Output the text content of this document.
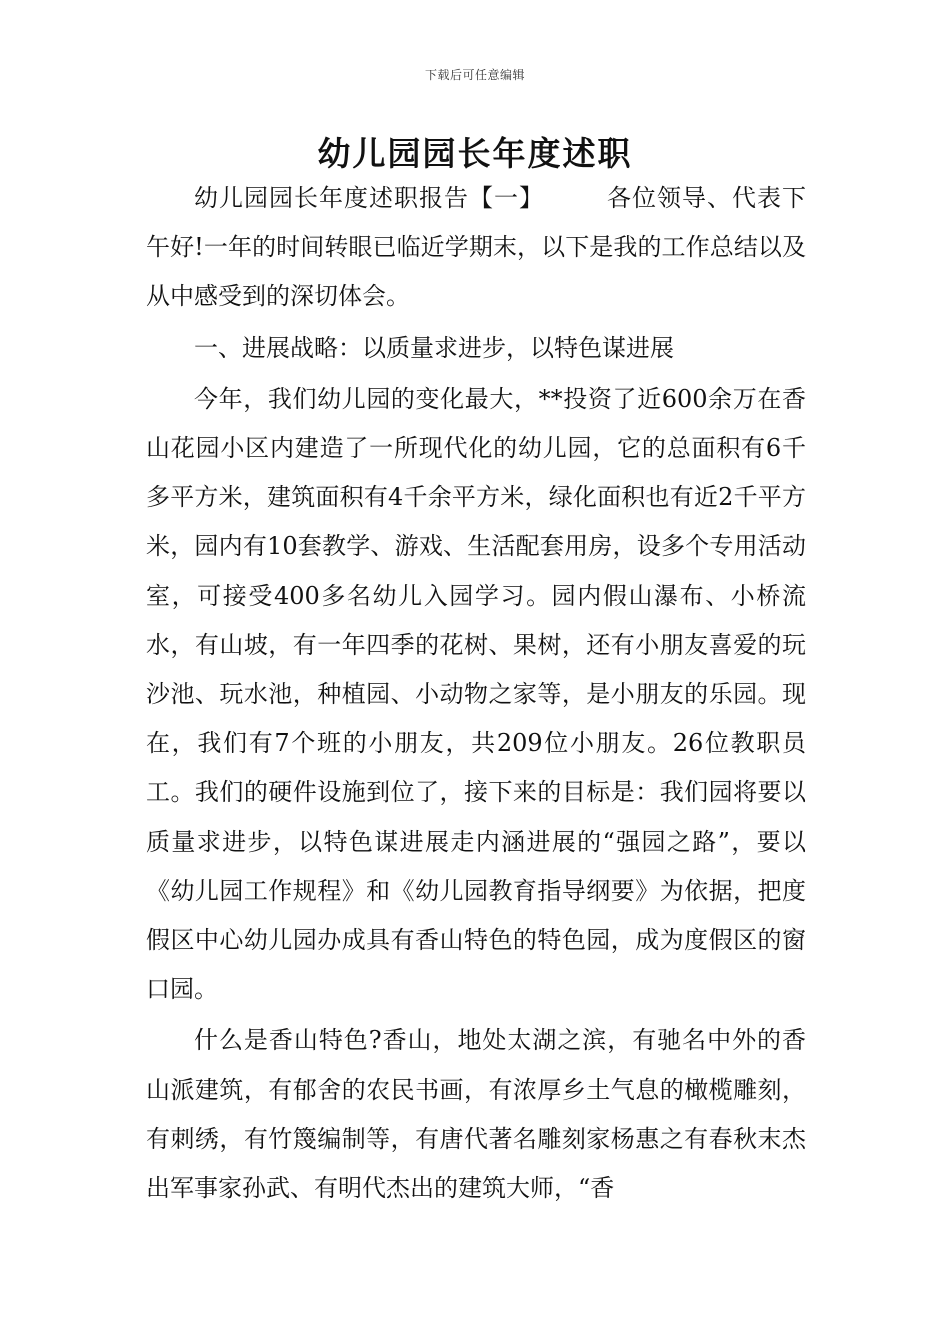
下载后可任意编辑
幼儿园园长年度述职

幼儿园园长年度述职报告【一】	各位领导、代表下午好!一年的时间转眼已临近学期末，以下是我的工作总结以及从中感受到的深切体会。

一、进展战略：以质量求进步，以特色谋进展

今年，我们幼儿园的变化最大，**投资了近600余万在香山花园小区内建造了一所现代化的幼儿园，它的总面积有6千多平方米，建筑面积有4千余平方米，绿化面积也有近2千平方米，园内有10套教学、游戏、生活配套用房，设多个专用活动室，可接受400多名幼儿入园学习。园内假山瀑布、小桥流水，有山坡，有一年四季的花树、果树，还有小朋友喜爱的玩沙池、玩水池，种植园、小动物之家等，是小朋友的乐园。现在，我们有7个班的小朋友，共209位小朋友。26位教职员工。我们的硬件设施到位了，接下来的目标是：我们园将要以质量求进步，以特色谋进展走内涵进展的“强园之路”，要以《幼儿园工作规程》和《幼儿园教育指导纲要》为依据，把度假区中心幼儿园办成具有香山特色的特色园，成为度假区的窗口园。

什么是香山特色?香山，地处太湖之滨，有驰名中外的香山派建筑，有郁舍的农民书画，有浓厚乡土气息的橄榄雕刻，有刺绣，有竹篾编制等，有唐代著名雕刻家杨惠之有春秋末杰出军事家孙武、有明代杰出的建筑大师，“香
